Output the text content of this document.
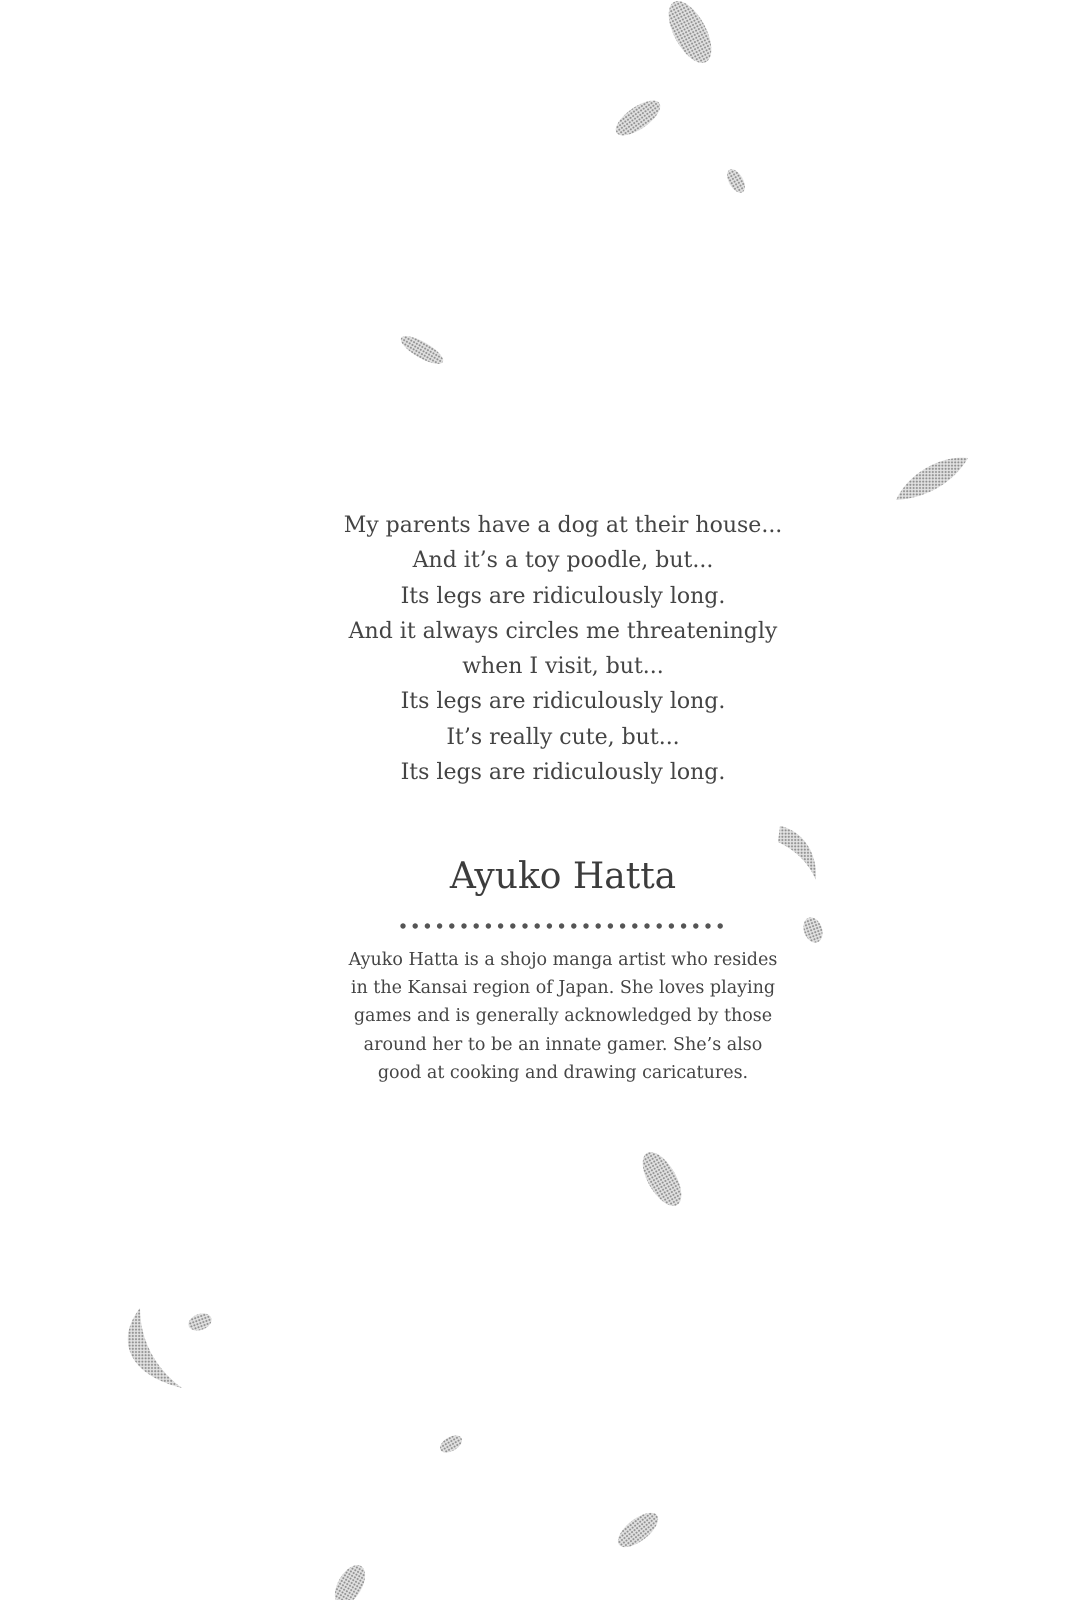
My parents have a dog at their house...
And it’s a toy poodle, but...
Its legs are ridiculously long.
And it always circles me threateningly
when I visit, but...
Its legs are ridiculously long.
It’s really cute, but...
Its legs are ridiculously long.
Ayuko Hatta
Ayuko Hatta is a shojo manga artist who resides
in the Kansai region of Japan. She loves playing
games and is generally acknowledged by those
around her to be an innate gamer. She’s also
good at cooking and drawing caricatures.
